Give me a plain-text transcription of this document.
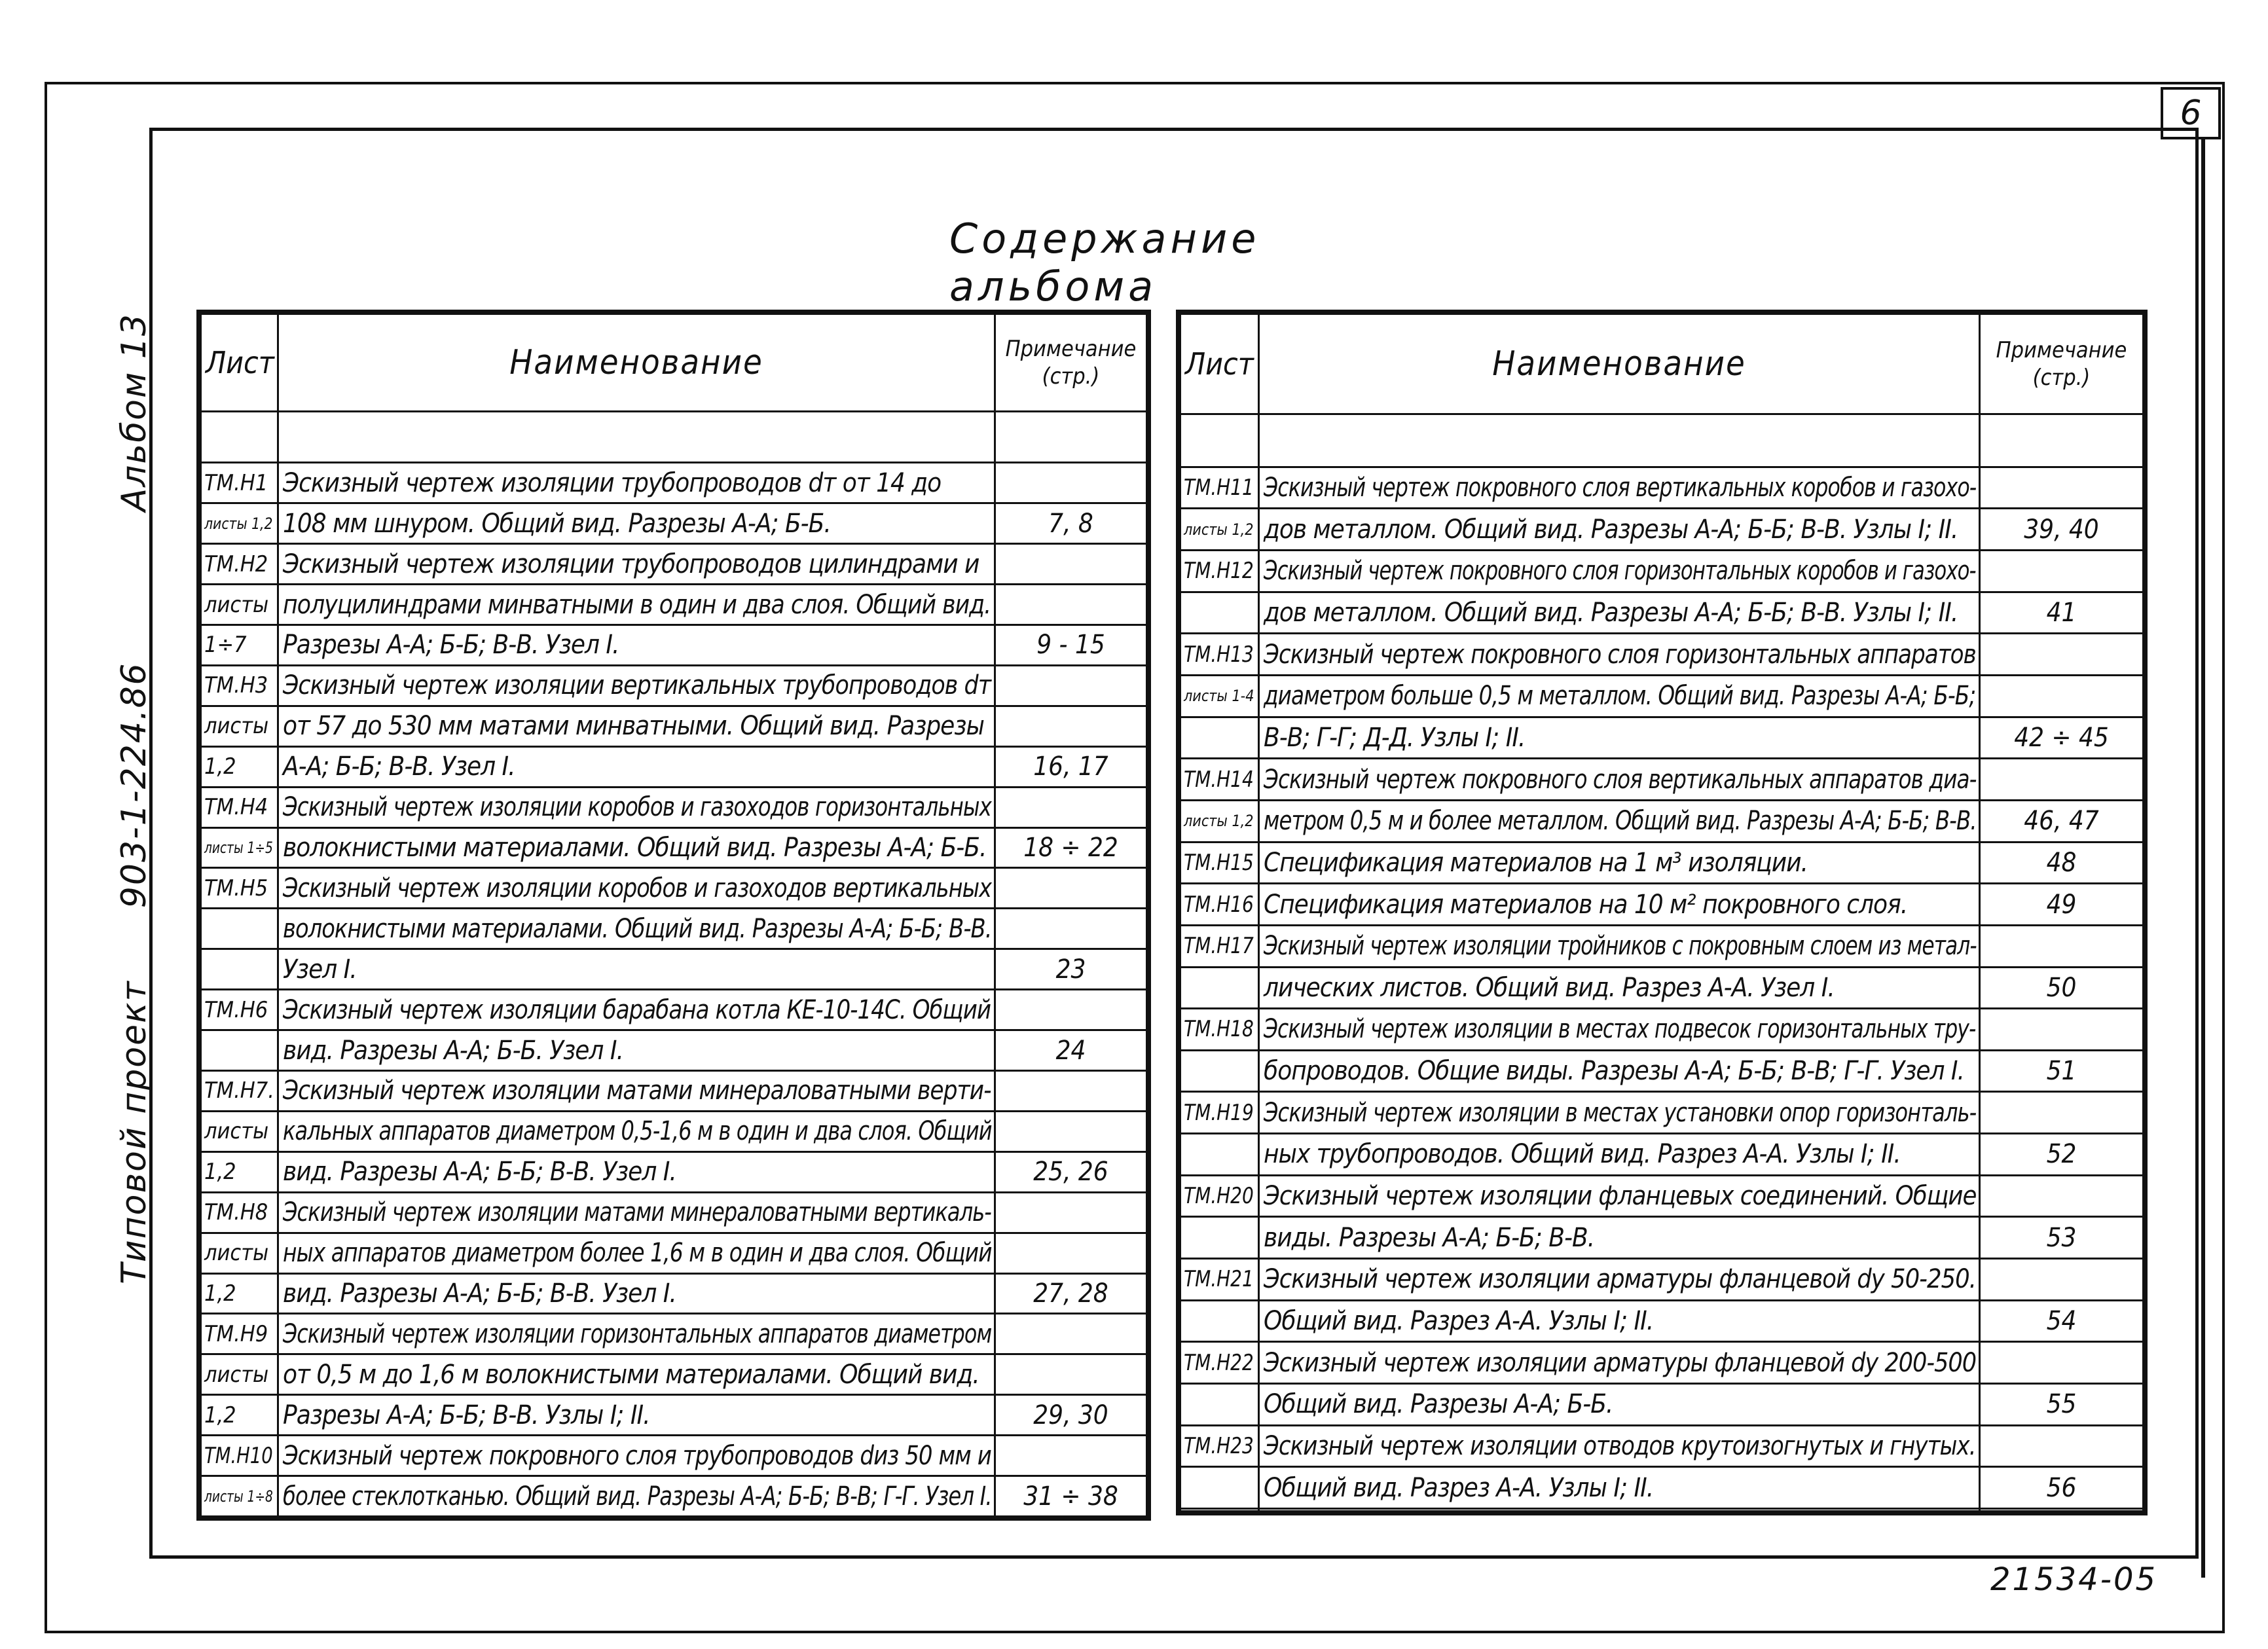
6
Типовой проект903-1-224.86Альбом 13
Содержание альбома
Лист	Наименование	Примечание
(стр.)

ТМ.Н1	Эскизный чертеж изоляции трубопроводов dт от 14 до	
листы 1,2	108 мм шнуром. Общий вид. Разрезы А-А; Б-Б.	7, 8
ТМ.Н2	Эскизный чертеж изоляции трубопроводов цилиндрами и	
листы	полуцилиндрами минватными в один и два слоя. Общий вид.	
1÷7	Разрезы А-А; Б-Б; В-В. Узел I.	9 - 15
ТМ.Н3	Эскизный чертеж изоляции вертикальных трубопроводов dт	
листы	от 57 до 530 мм матами минватными. Общий вид. Разрезы	
1,2	А-А; Б-Б; В-В. Узел I.	16, 17
ТМ.Н4	Эскизный чертеж изоляции коробов и газоходов горизонтальных	
листы 1÷5	волокнистыми материалами. Общий вид. Разрезы А-А; Б-Б.	18 ÷ 22
ТМ.Н5	Эскизный чертеж изоляции коробов и газоходов вертикальных	
	волокнистыми материалами. Общий вид. Разрезы А-А; Б-Б; В-В.	
	Узел I.	23
ТМ.Н6	Эскизный чертеж изоляции барабана котла КЕ-10-14С. Общий	
	вид. Разрезы А-А; Б-Б. Узел I.	24
ТМ.Н7.	Эскизный чертеж изоляции матами минераловатными верти-	
листы	кальных аппаратов диаметром 0,5-1,6 м в один и два слоя. Общий	
1,2	вид. Разрезы А-А; Б-Б; В-В. Узел I.	25, 26
ТМ.Н8	Эскизный чертеж изоляции матами минераловатными вертикаль-	
листы	ных аппаратов диаметром более 1,6 м в один и два слоя. Общий	
1,2	вид. Разрезы А-А; Б-Б; В-В. Узел I.	27, 28
ТМ.Н9	Эскизный чертеж изоляции горизонтальных аппаратов диаметром	
листы	от 0,5 м до 1,6 м волокнистыми материалами. Общий вид.	
1,2	Разрезы А-А; Б-Б; В-В. Узлы I; II.	29, 30
ТМ.Н10	Эскизный чертеж покровного слоя трубопроводов dиз 50 мм и	
листы 1÷8	более стеклотканью. Общий вид. Разрезы А-А; Б-Б; В-В; Г-Г. Узел I.	31 ÷ 38
Лист	Наименование	Примечание
(стр.)

ТМ.Н11	Эскизный чертеж покровного слоя вертикальных коробов и газохо-	
листы 1,2	дов металлом. Общий вид. Разрезы А-А; Б-Б; В-В. Узлы I; II.	39, 40
ТМ.Н12	Эскизный чертеж покровного слоя горизонтальных коробов и газохо-	
	дов металлом. Общий вид. Разрезы А-А; Б-Б; В-В. Узлы I; II.	41
ТМ.Н13	Эскизный чертеж покровного слоя горизонтальных аппаратов	
листы 1-4	диаметром больше 0,5 м металлом. Общий вид. Разрезы А-А; Б-Б;	
	В-В; Г-Г; Д-Д. Узлы I; II.	42 ÷ 45
ТМ.Н14	Эскизный чертеж покровного слоя вертикальных аппаратов диа-	
листы 1,2	метром 0,5 м и более металлом. Общий вид. Разрезы А-А; Б-Б; В-В.	46, 47
ТМ.Н15	Спецификация материалов на 1 м³ изоляции.	48
ТМ.Н16	Спецификация материалов на 10 м² покровного слоя.	49
ТМ.Н17	Эскизный чертеж изоляции тройников с покровным слоем из метал-	
	лических листов. Общий вид. Разрез А-А. Узел I.	50
ТМ.Н18	Эскизный чертеж изоляции в местах подвесок горизонтальных тру-	
	бопроводов. Общие виды. Разрезы А-А; Б-Б; В-В; Г-Г. Узел I.	51
ТМ.Н19	Эскизный чертеж изоляции в местах установки опор горизонталь-	
	ных трубопроводов. Общий вид. Разрез А-А. Узлы I; II.	52
ТМ.Н20	Эскизный чертеж изоляции фланцевых соединений. Общие	
	виды. Разрезы А-А; Б-Б; В-В.	53
ТМ.Н21	Эскизный чертеж изоляции арматуры фланцевой dу 50-250.	
	Общий вид. Разрез А-А. Узлы I; II.	54
ТМ.Н22	Эскизный чертеж изоляции арматуры фланцевой dу 200-500	
	Общий вид. Разрезы А-А; Б-Б.	55
ТМ.Н23	Эскизный чертеж изоляции отводов крутоизогнутых и гнутых.	
	Общий вид. Разрез А-А. Узлы I; II.	56

21534-05
